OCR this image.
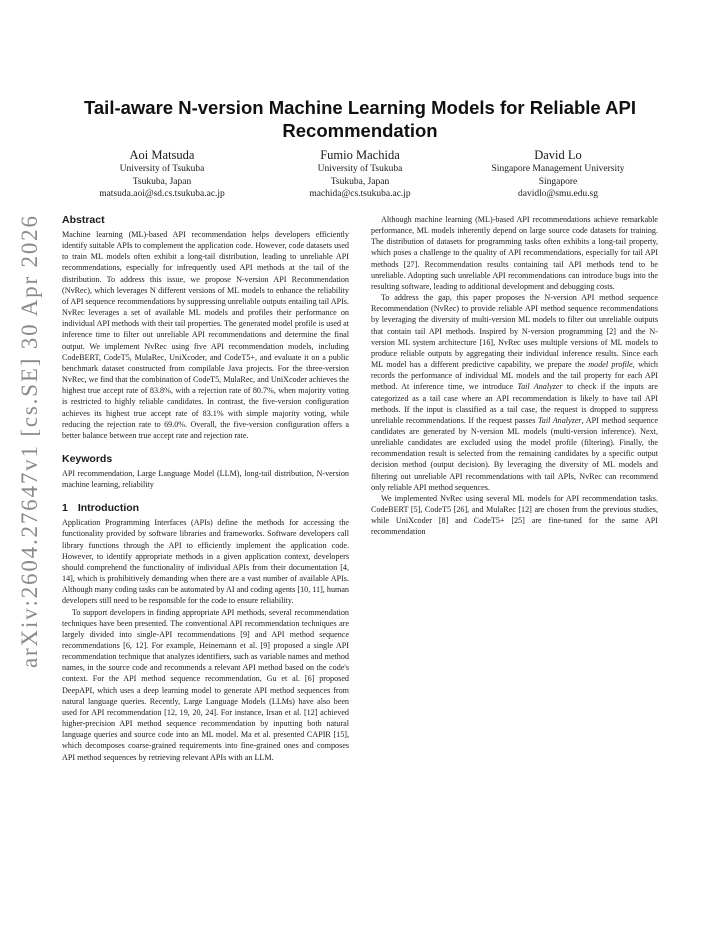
arXiv:2604.27647v1 [cs.SE] 30 Apr 2026
Tail-aware N-version Machine Learning Models for Reliable API Recommendation
Aoi Matsuda
University of Tsukuba
Tsukuba, Japan
matsuda.aoi@sd.cs.tsukuba.ac.jp
Fumio Machida
University of Tsukuba
Tsukuba, Japan
machida@cs.tsukuba.ac.jp
David Lo
Singapore Management University
Singapore
davidlo@smu.edu.sg
Abstract

Machine learning (ML)-based API recommendation helps developers efficiently identify suitable APIs to complement the application code. However, code datasets used to train ML models often exhibit a long-tail distribution, leading to unreliable API recommendations, especially for infrequently used API methods at the tail of the distribution. To address this issue, we propose N-version API Recommendation (NvRec), which leverages N different versions of ML models to enhance the reliability of API sequence recommendations by suppressing unreliable outputs entailing tail APIs. NvRec leverages a set of available ML models and profiles their performance on individual API methods with their tail properties. The generated model profile is used at inference time to filter out unreliable API recommendations and determine the final output. We implement NvRec using five API recommendation models, including CodeBERT, CodeT5, MulaRec, UniXcoder, and CodeT5+, and evaluate it on a public benchmark dataset constructed from compilable Java projects. For the three-version NvRec, we find that the combination of CodeT5, MulaRec, and UniXcoder achieves the highest true accept rate of 83.8%, with a rejection rate of 80.7%, when majority voting is restricted to highly reliable candidates. In contrast, the five-version configuration achieves its highest true accept rate of 83.1% with simple majority voting, while reducing the rejection rate to 69.0%. Overall, the five-version configuration offers a better balance between true accept rate and rejection rate.

Keywords

API recommendation, Large Language Model (LLM), long-tail distribution, N-version machine learning, reliability

1 Introduction

Application Programming Interfaces (APIs) define the methods for accessing the functionality provided by software libraries and frameworks. Software developers call library functions through the API to efficiently implement the application code. However, to identify appropriate methods in a given application context, developers should comprehend the functionality of individual APIs from their documentation [4, 14], which is prohibitively demanding when there are a vast number of available APIs. Although many coding tasks can be automated by AI and coding agents [10, 11], human developers still need to be responsible for the code to ensure reliability.

To support developers in finding appropriate API methods, several recommendation techniques have been presented. The conventional API recommendation techniques are largely divided into single-API recommendations [9] and API method sequence recommendations [6, 12]. For example, Heinemann et al. [9] proposed a single API recommendation technique that analyzes identifiers, such as variable names and method names, in the source code and recommends a relevant API method based on the code's context. For the API method sequence recommendation, Gu et al. [6] proposed DeepAPI, which uses a deep learning model to generate API method sequences from natural language queries. Recently, Large Language Models (LLMs) have also been used for API recommendation [12, 19, 20, 24]. For instance, Irsan et al. [12] achieved higher-precision API method sequence recommendation by inputting both natural language queries and source code into an ML model. Ma et al. presented CAPIR [15], which decomposes coarse-grained requirements into fine-grained ones and composes API method sequences by retrieving relevant APIs with an LLM.

Although machine learning (ML)-based API recommendations achieve remarkable performance, ML models inherently depend on large source code datasets for training. The distribution of datasets for programming tasks often exhibits a long-tail property, which poses a challenge to the quality of API recommendations, especially for tail API methods [27]. Recommendation results containing tail API methods tend to be unreliable. Adopting such unreliable API recommendations can introduce bugs into the resulting software, leading to additional development and debugging costs.

To address the gap, this paper proposes the N-version API method sequence Recommendation (NvRec) to provide reliable API method sequence recommendations by leveraging the diversity of multi-version ML models to filter out unreliable outputs that contain tail API methods. Inspired by N-version programming [2] and the N-version ML system architecture [16], NvRec uses multiple versions of ML models to produce reliable outputs by aggregating their individual inference results. Since each ML model has a different predictive capability, we prepare the model profile, which records the performance of individual ML models and the tail property for each API method. At inference time, we introduce Tail Analyzer to check if the inputs are categorized as a tail case where an API recommendation is likely to have tail API methods. If the input is classified as a tail case, the request is dropped to suppress unreliable recommendations. If the request passes Tail Analyzer, API method sequence candidates are generated by N-version ML models (multi-version inference). Next, unreliable candidates are excluded using the model profile (filtering). Finally, the recommendation result is selected from the remaining candidates by a specific output decision method (output decision). By leveraging the diversity of ML models and filtering out unreliable API recommendations with tail APIs, NvRec can recommend only reliable API method sequences.

We implemented NvRec using several ML models for API recommendation tasks. CodeBERT [5], CodeT5 [26], and MulaRec [12] are chosen from the previous studies, while UniXcoder [8] and CodeT5+ [25] are fine-tuned for the same API recommendation
